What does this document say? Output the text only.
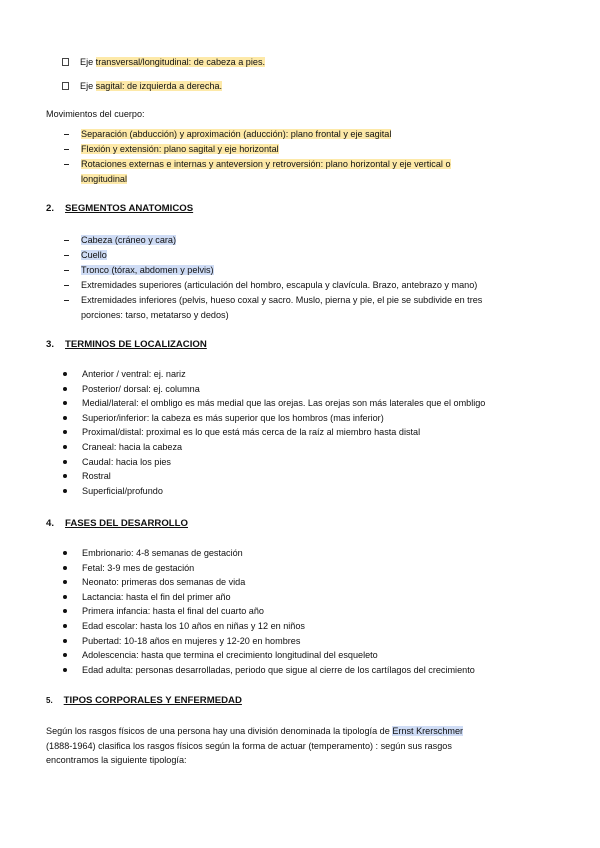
Eje transversal/longitudinal: de cabeza a pies.
Eje sagital: de izquierda a derecha.
Movimientos del cuerpo:
Separación (abducción) y aproximación (aducción): plano frontal y eje sagital
Flexión y extensión: plano sagital y eje horizontal
Rotaciones externas e internas y anteversion y retroversión: plano horizontal y eje vertical o
longitudinal
2. SEGMENTOS ANATOMICOS
Cabeza (cráneo y cara)
Cuello
Tronco (tórax, abdomen y pelvis)
Extremidades superiores (articulación del hombro, escapula y clavícula. Brazo, antebrazo y mano)
Extremidades inferiores (pelvis, hueso coxal y sacro. Muslo, pierna y pie, el pie se subdivide en tres
porciones: tarso, metatarso y dedos)
3. TERMINOS DE LOCALIZACION
Anterior / ventral: ej. nariz
Posterior/ dorsal: ej. columna
Medial/lateral: el ombligo es más medial que las orejas. Las orejas son más laterales que el ombligo
Superior/inferior: la cabeza es más superior que los hombros (mas inferior)
Proximal/distal: proximal es lo que está más cerca de la raíz al miembro hasta distal
Craneal: hacia la cabeza
Caudal: hacia los pies
Rostral
Superficial/profundo
4. FASES DEL DESARROLLO
Embrionario: 4-8 semanas de gestación
Fetal: 3-9 mes de gestación
Neonato: primeras dos semanas de vida
Lactancia: hasta el fin del primer año
Primera infancia: hasta el final del cuarto año
Edad escolar: hasta los 10 años en niñas y 12 en niños
Pubertad: 10-18 años en mujeres y 12-20 en hombres
Adolescencia: hasta que termina el crecimiento longitudinal del esqueleto
Edad adulta: personas desarrolladas, periodo que sigue al cierre de los cartílagos del crecimiento
5. TIPOS CORPORALES Y ENFERMEDAD
Según los rasgos físicos de una persona hay una división denominada la tipología de Ernst Krerschmer
(1888-1964) clasifica los rasgos físicos según la forma de actuar (temperamento) : según sus rasgos
encontramos la siguiente tipología:
